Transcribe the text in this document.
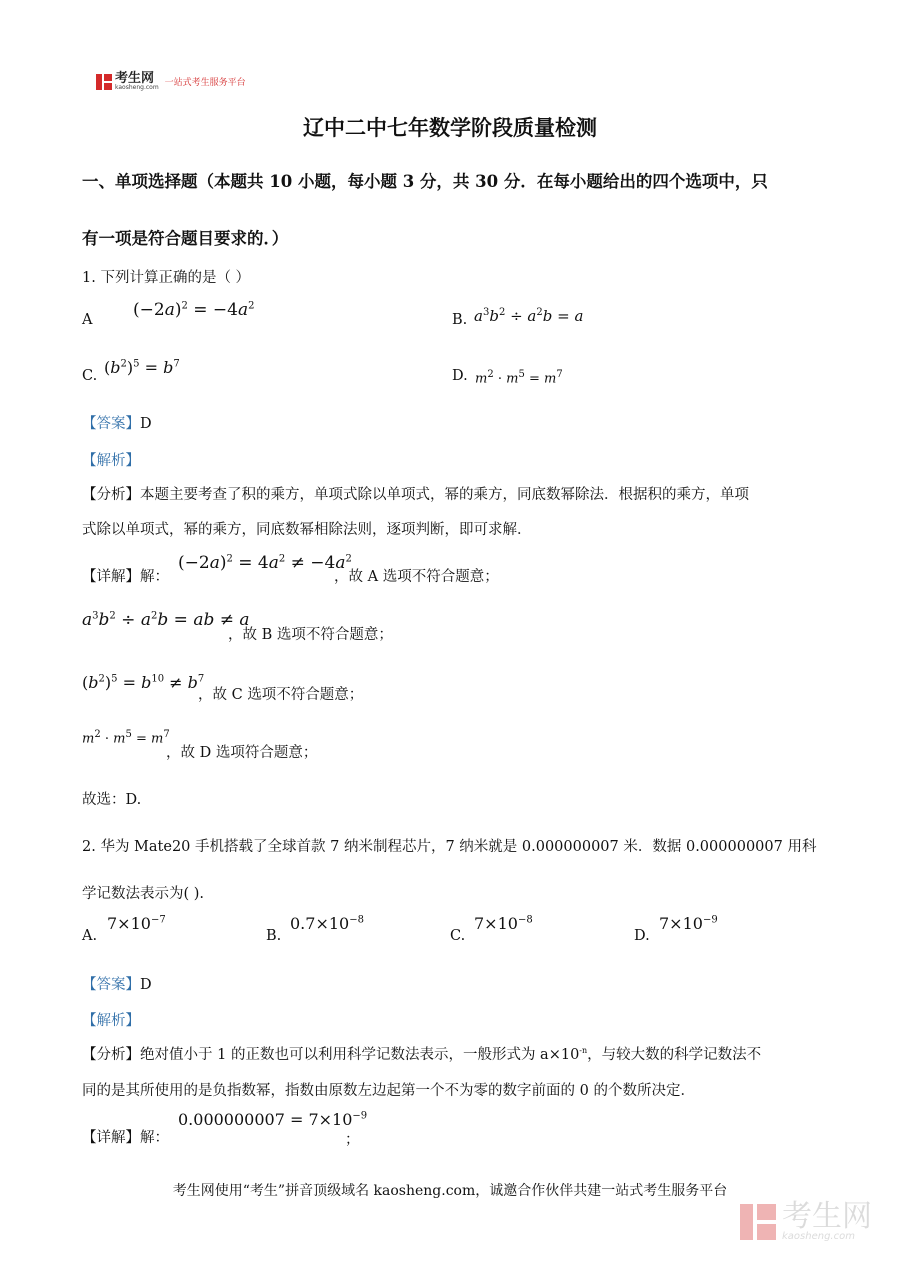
考生网
kaosheng.com 一站式考生服务平台
辽中二中七年数学阶段质量检测
一、单项选择题（本题共 10 小题，每小题 3 分，共 30 分．在每小题给出的四个选项中，只
有一项是符合题目要求的．）
1. 下列计算正确的是（ ）
A $(-2a)^2 = -4a^2$
B. $a^3b^2 \div a^2b = a$
C. $(b^2)^5 = b^7$
D. $m^2 \cdot m^5 = m^7$
【答案】D
【解析】
【分析】本题主要考查了积的乘方，单项式除以单项式，幂的乘方，同底数幂除法．根据积的乘方，单项
式除以单项式，幂的乘方，同底数幂相除法则，逐项判断，即可求解．
【详解】解：
$(-2a)^2 = 4a^2 \ne -4a^2$
，故 A 选项不符合题意；
$a^3b^2 \div a^2b$ = ab ≠ a
，故 B 选项不符合题意；
$(b^2)^5 = b^{10} \ne b^7$
，故 C 选项不符合题意；
$m^2 \cdot m^5 = m^7$
，故 D 选项符合题意；
故选：D.
2. 华为 Mate20 手机搭载了全球首款 7 纳米制程芯片，7 纳米就是 0.000000007 米．数据 0.000000007 用科
学记数法表示为( ).
A.
$7\times 10^{-7}$
B.
$0.7\times 10^{-8}$
C.
$7\times 10^{-8}$
D.
$7\times 10^{-9}$
【答案】D
【解析】
【分析】绝对值小于 1 的正数也可以利用科学记数法表示，一般形式为 $a\times 10^{-n}$，与较大数的科学记数法不
同的是其所使用的是负指数幂，指数由原数左边起第一个不为零的数字前面的 0 的个数所决定．
【详解】解：
$0.000000007 = 7\times 10^{-9}$
；
考生网使用“考生”拼音顶级域名 kaosheng.com，诚邀合作伙伴共建一站式考生服务平台
考生网
kaosheng.com
